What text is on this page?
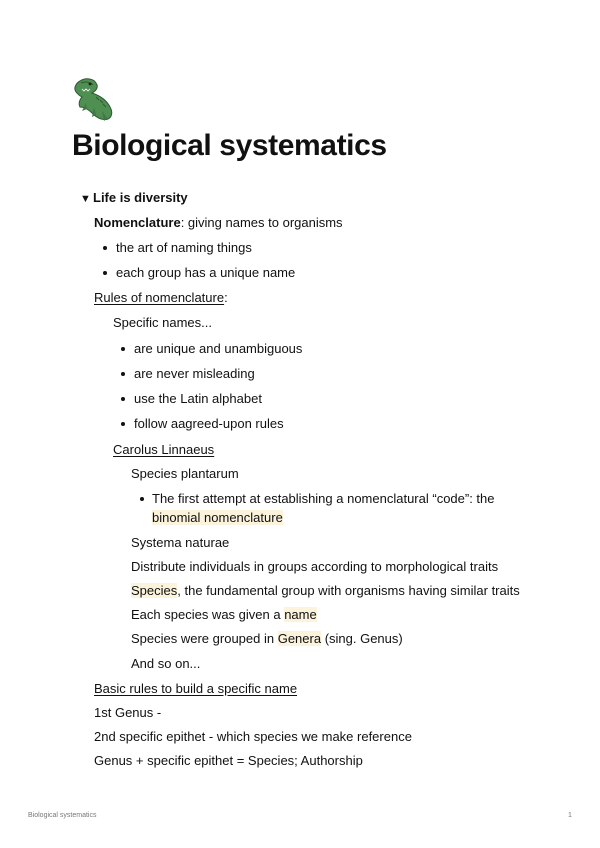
Biological systematics
▼ Life is diversity
Nomenclature: giving names to organisms
the art of naming things
each group has a unique name
Rules of nomenclature:
Specific names...
are unique and unambiguous
are never misleading
use the Latin alphabet
follow aagreed-upon rules
Carolus Linnaeus
Species plantarum
The first attempt at establishing a nomenclatural “code”: the
binomial nomenclature
Systema naturae
Distribute individuals in groups according to morphological traits
Species, the fundamental group with organisms having similar traits
Each species was given a name
Species were grouped in Genera (sing. Genus)
And so on...
Basic rules to build a specific name
1st Genus -
2nd specific epithet - which species we make reference
Genus + specific epithet = Species; Authorship
Biological systematics	1
